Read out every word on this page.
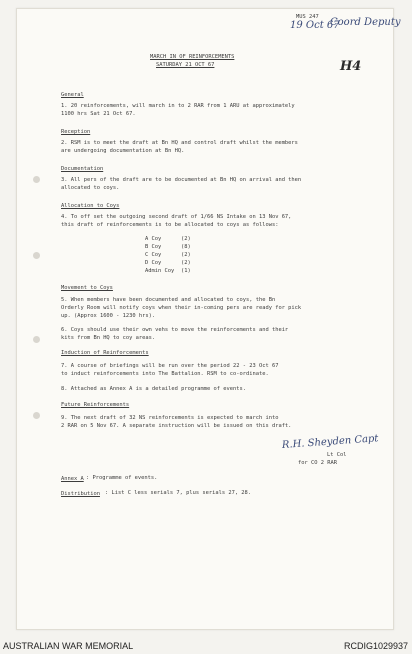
MUS 247
19 Oct 67
Coord Deputy
H4
MARCH IN OF REINFORCEMENTS
SATURDAY 21 OCT 67
General
1. 20 reinforcements, will march in to 2 RAR from 1 ARU at approximately
1100 hrs Sat 21 Oct 67.
Reception
2. RSM is to meet the draft at Bn HQ and control draft whilst the members
are undergoing documentation at Bn HQ.
Documentation
3. All pers of the draft are to be documented at Bn HQ on arrival and then
allocated to coys.
Allocation to Coys
4. To off set the outgoing second draft of 1/66 NS Intake on 13 Nov 67,
this draft of reinforcements is to be allocated to coys as follows:
A Coy	(2)
B Coy	(8)
C Coy	(2)
D Coy	(2)
Admin Coy (1)
Movement to Coys
5. When members have been documented and allocated to coys, the Bn
Orderly Room will notify coys when their in-coming pers are ready for pick
up. (Approx 1600 - 1230 hrs).
6. Coys should use their own vehs to move the reinforcements and their
kits from Bn HQ to coy areas.
Induction of Reinforcements
7. A course of briefings will be run over the period 22 - 23 Oct 67
to induct reinforcements into The Battalion. RSM to co-ordinate.
8. Attached as Annex A is a detailed programme of events.
Future Reinforcements
9. The next draft of 32 NS reinforcements is expected to march into
2 RAR on 5 Nov 67. A separate instruction will be issued on this draft.
R.H. Sheyden Capt
Lt Col
for CO 2 RAR
Annex A : Programme of events.
Distribution : List C less serials 7, plus serials 27, 28.
AUSTRALIAN WAR MEMORIAL	RCDIG1029937
